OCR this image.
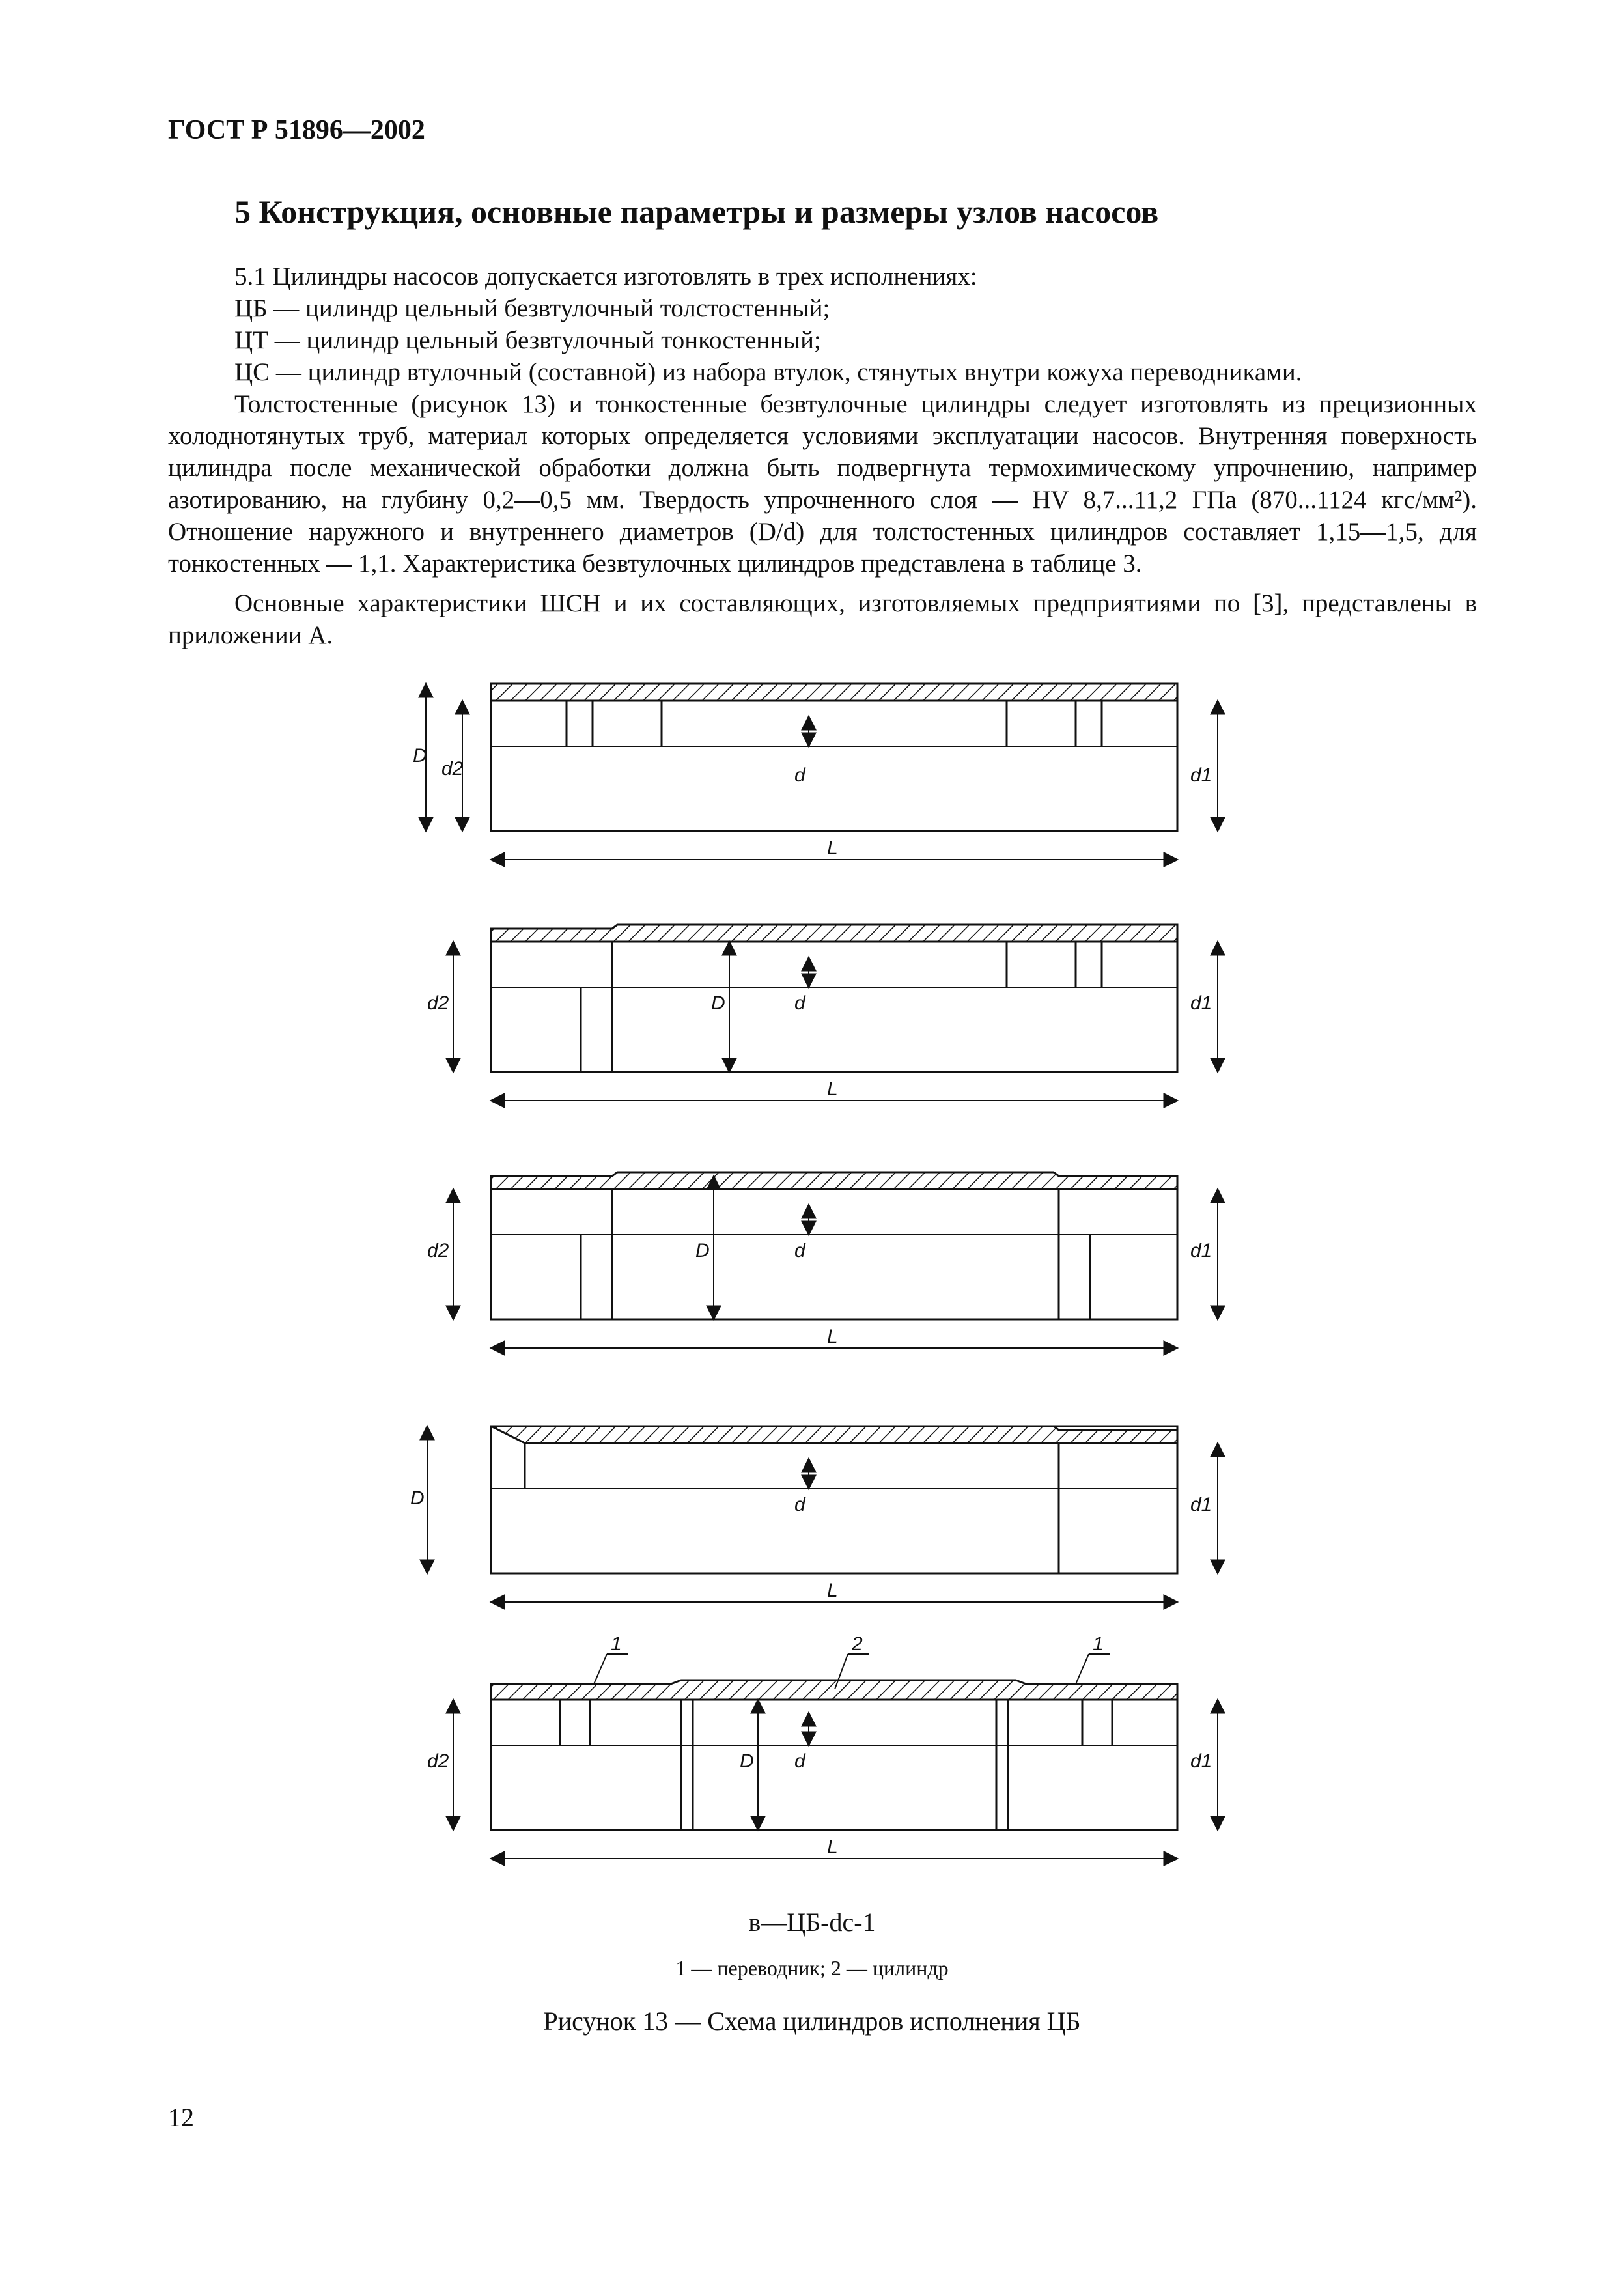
ГОСТ Р 51896—2002
5 Конструкция, основные параметры и размеры узлов насосов

5.1 Цилиндры насосов допускается изготовлять в трех исполнениях:

ЦБ — цилиндр цельный безвтулочный толстостенный;

ЦТ — цилиндр цельный безвтулочный тонкостенный;

ЦС — цилиндр втулочный (составной) из набора втулок, стянутых внутри кожуха переводниками.

Толстостенные (рисунок 13) и тонкостенные безвтулочные цилиндры следует изготовлять из прецизионных холоднотянутых труб, материал которых определяется условиями эксплуатации насосов. Внутренняя поверхность цилиндра после механической обработки должна быть подвергнута термохимическому упрочнению, например азотированию, на глубину 0,2—0,5 мм. Твердость упрочненного слоя — HV 8,7...11,2 ГПа (870...1124 кгс/мм²). Отношение наружного и внутреннего диаметров (D/d) для толстостенных цилиндров составляет 1,15—1,5, для тонкостенных — 1,1. Характеристика безвтулочных цилиндров представлена в таблице 3.

Основные характеристики ШСН и их составляющих, изготовляемых предприятиями по [3], представлены в приложении А.

D
d2	d	d1
L
d2	D	d	d1
L
d2	D	d	d1
L
D	d	d1
L
1	2	1
d2	D d	d1
L
в—ЦБ-dc-1
1 — переводник; 2 — цилиндр
Рисунок 13 — Схема цилиндров исполнения ЦБ
12
